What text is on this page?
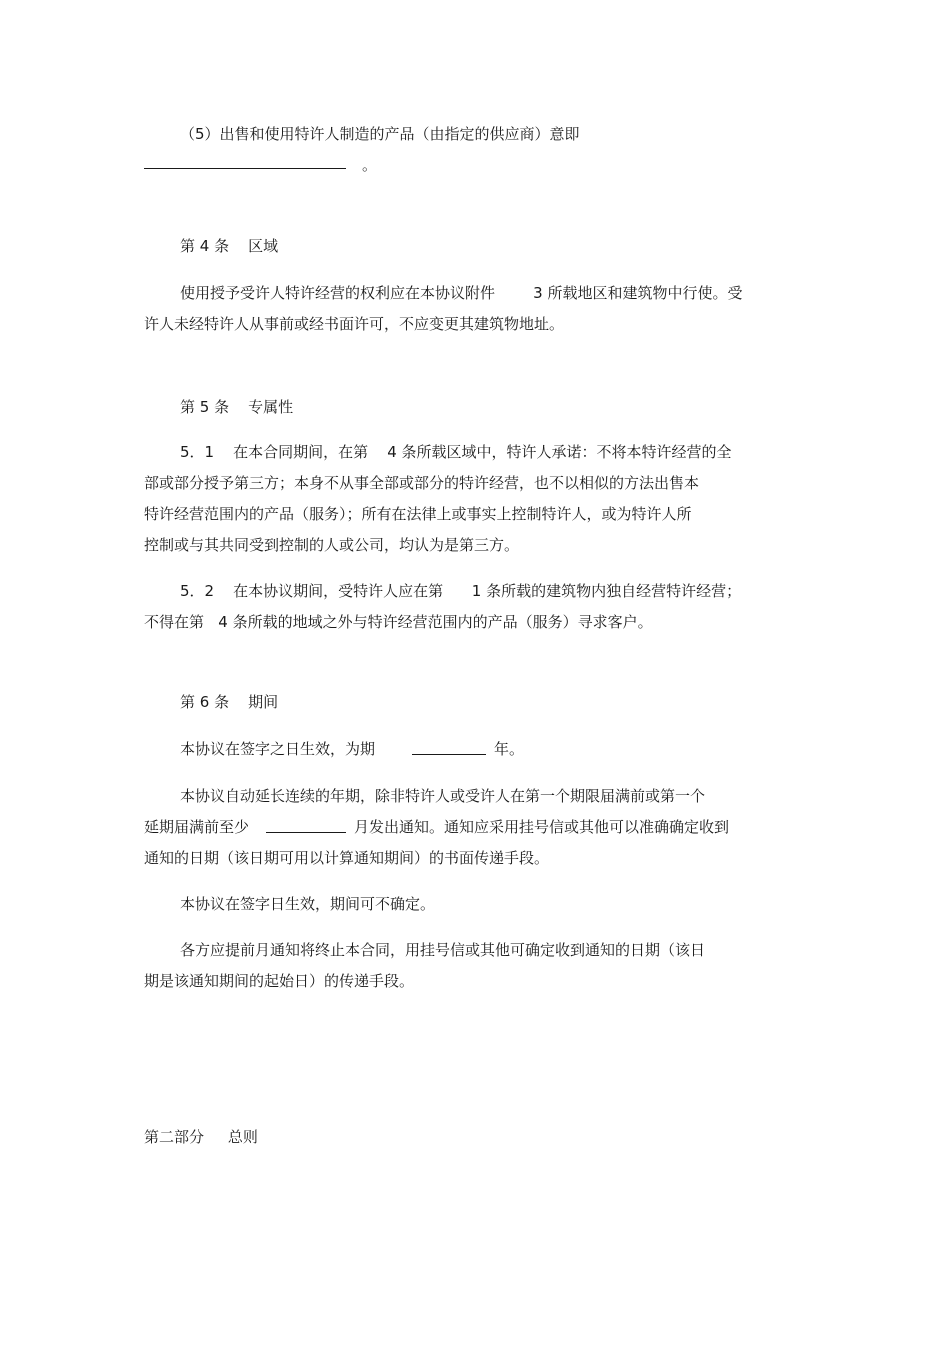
（5）出售和使用特许人制造的产品（由指定的供应商）意即
。
第 4 条    区域
使用授予受许人特许经营的权利应在本协议附件        3 所载地区和建筑物中行使。受
许人未经特许人从事前或经书面许可，不应变更其建筑物地址。
第 5 条    专属性
5．1    在本合同期间，在第    4 条所载区域中，特许人承诺：不将本特许经营的全
部或部分授予第三方；本身不从事全部或部分的特许经营，也不以相似的方法出售本
特许经营范围内的产品（服务）；所有在法律上或事实上控制特许人，或为特许人所
控制或与其共同受到控制的人或公司，均认为是第三方。
5．2    在本协议期间，受特许人应在第      1 条所载的建筑物内独自经营特许经营；
不得在第   4 条所载的地域之外与特许经营范围内的产品（服务）寻求客户。
第 6 条    期间
本协议在签字之日生效，为期	年。
本协议自动延长连续的年期，除非特许人或受许人在第一个期限届满前或第一个
延期届满前至少	月发出通知。通知应采用挂号信或其他可以准确确定收到
通知的日期（该日期可用以计算通知期间）的书面传递手段。
本协议在签字日生效，期间可不确定。
各方应提前月通知将终止本合同，用挂号信或其他可确定收到通知的日期（该日
期是该通知期间的起始日）的传递手段。
第二部分     总则
